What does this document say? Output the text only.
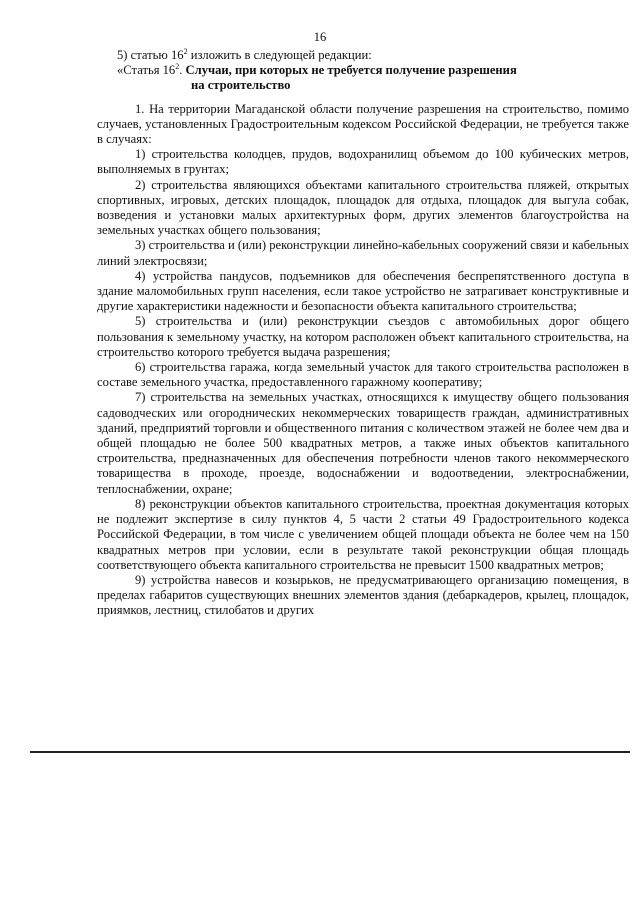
16
5) статью $16^2$ изложить в следующей редакции:
«Статья $16^2$. Случаи, при которых не требуется получение разрешения
на строительство

1. На территории Магаданской области получение разрешения на строительство, помимо случаев, установленных Градостроительным кодексом Российской Федерации, не требуется также в случаях:

1) строительства колодцев, прудов, водохранилищ объемом до 100 кубических метров, выполняемых в грунтах;

2) строительства являющихся объектами капитального строительства пляжей, открытых спортивных, игровых, детских площадок, площадок для отдыха, площадок для выгула собак, возведения и установки малых архитектурных форм, других элементов благоустройства на земельных участках общего пользования;

3) строительства и (или) реконструкции линейно-кабельных сооружений связи и кабельных линий электросвязи;

4) устройства пандусов, подъемников для обеспечения беспрепятственного доступа в здание маломобильных групп населения, если такое устройство не затрагивает конструктивные и другие характеристики надежности и безопасности объекта капитального строительства;

5) строительства и (или) реконструкции съездов с автомобильных дорог общего пользования к земельному участку, на котором расположен объект капитального строительства, на строительство которого требуется выдача разрешения;

6) строительства гаража, когда земельный участок для такого строительства расположен в составе земельного участка, предоставленного гаражному кооперативу;

7) строительства на земельных участках, относящихся к имуществу общего пользования садоводческих или огороднических некоммерческих товариществ граждан, административных зданий, предприятий торговли и общественного питания с количеством этажей не более чем два и общей площадью не более 500 квадратных метров, а также иных объектов капитального строительства, предназначенных для обеспечения потребности членов такого некоммерческого товарищества в проходе, проезде, водоснабжении и водоотведении, электроснабжении, теплоснабжении, охране;

8) реконструкции объектов капитального строительства, проектная документация которых не подлежит экспертизе в силу пунктов 4, 5 части 2 статьи 49 Градостроительного кодекса Российской Федерации, в том числе с увеличением общей площади объекта не более чем на 150 квадратных метров при условии, если в результате такой реконструкции общая площадь соответствующего объекта капитального строительства не превысит 1500 квадратных метров;

9) устройства навесов и козырьков, не предусматривающего организацию помещения, в пределах габаритов существующих внешних элементов здания (дебаркадеров, крылец, площадок, приямков, лестниц, стилобатов и других
